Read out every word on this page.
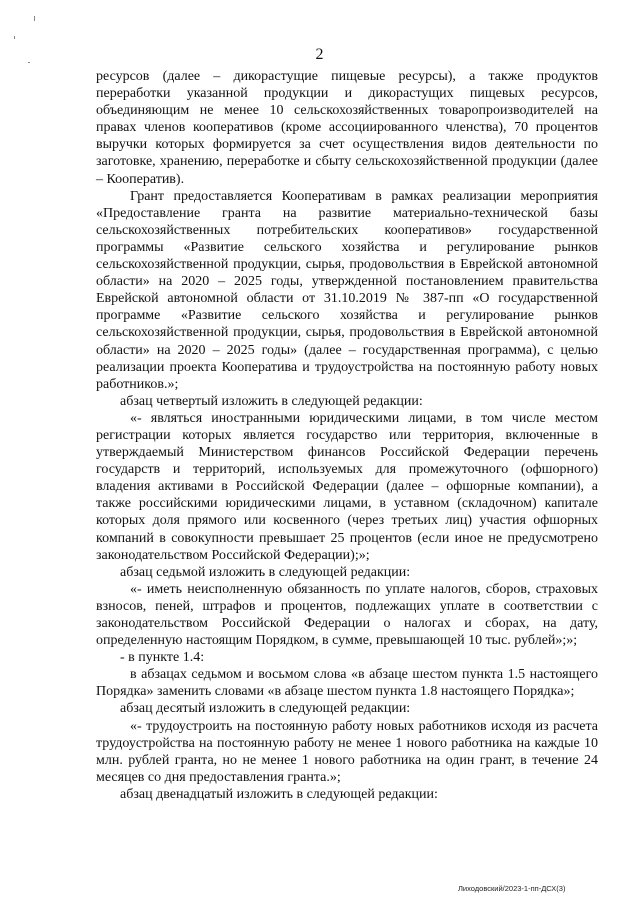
2

ресурсов (далее – дикорастущие пищевые ресурсы), а также продуктов переработки указанной продукции и дикорастущих пищевых ресурсов, объединяющим не менее 10 сельскохозяйственных товаропроизводителей на правах членов кооперативов (кроме ассоциированного членства), 70 процентов выручки которых формируется за счет осуществления видов деятельности по заготовке, хранению, переработке и сбыту сельскохозяйственной продукции (далее – Кооператив).

Грант предоставляется Кооперативам в рамках реализации мероприятия «Предоставление гранта на развитие материально-технической базы сельскохозяйственных потребительских кооперативов» государственной программы «Развитие сельского хозяйства и регулирование рынков сельскохозяйственной продукции, сырья, продовольствия в Еврейской автономной области» на 2020 – 2025 годы, утвержденной постановлением правительства Еврейской автономной области от 31.10.2019 № 387-пп «О государственной программе «Развитие сельского хозяйства и регулирование рынков сельскохозяйственной продукции, сырья, продовольствия в Еврейской автономной области» на 2020 – 2025 годы» (далее – государственная программа), с целью реализации проекта Кооператива и трудоустройства на постоянную работу новых работников.»;

абзац четвертый изложить в следующей редакции:

«- являться иностранными юридическими лицами, в том числе местом регистрации которых является государство или территория, включенные в утверждаемый Министерством финансов Российской Федерации перечень государств и территорий, используемых для промежуточного (офшорного) владения активами в Российской Федерации (далее – офшорные компании), а также российскими юридическими лицами, в уставном (складочном) капитале которых доля прямого или косвенного (через третьих лиц) участия офшорных компаний в совокупности превышает 25 процентов (если иное не предусмотрено законодательством Российской Федерации);»;

абзац седьмой изложить в следующей редакции:

«- иметь неисполненную обязанность по уплате налогов, сборов, страховых взносов, пеней, штрафов и процентов, подлежащих уплате в соответствии с законодательством Российской Федерации о налогах и сборах, на дату, определенную настоящим Порядком, в сумме, превышающей 10 тыс. рублей»;»;

- в пункте 1.4:

в абзацах седьмом и восьмом слова «в абзаце шестом пункта 1.5 настоящего Порядка» заменить словами «в абзаце шестом пункта 1.8 настоящего Порядка»;

абзац десятый изложить в следующей редакции:

«- трудоустроить на постоянную работу новых работников исходя из расчета трудоустройства на постоянную работу не менее 1 нового работника на каждые 10 млн. рублей гранта, но не менее 1 нового работника на один грант, в течение 24 месяцев со дня предоставления гранта.»;

абзац двенадцатый изложить в следующей редакции:

Лиходовский/2023-1-пп-ДСХ(3)
